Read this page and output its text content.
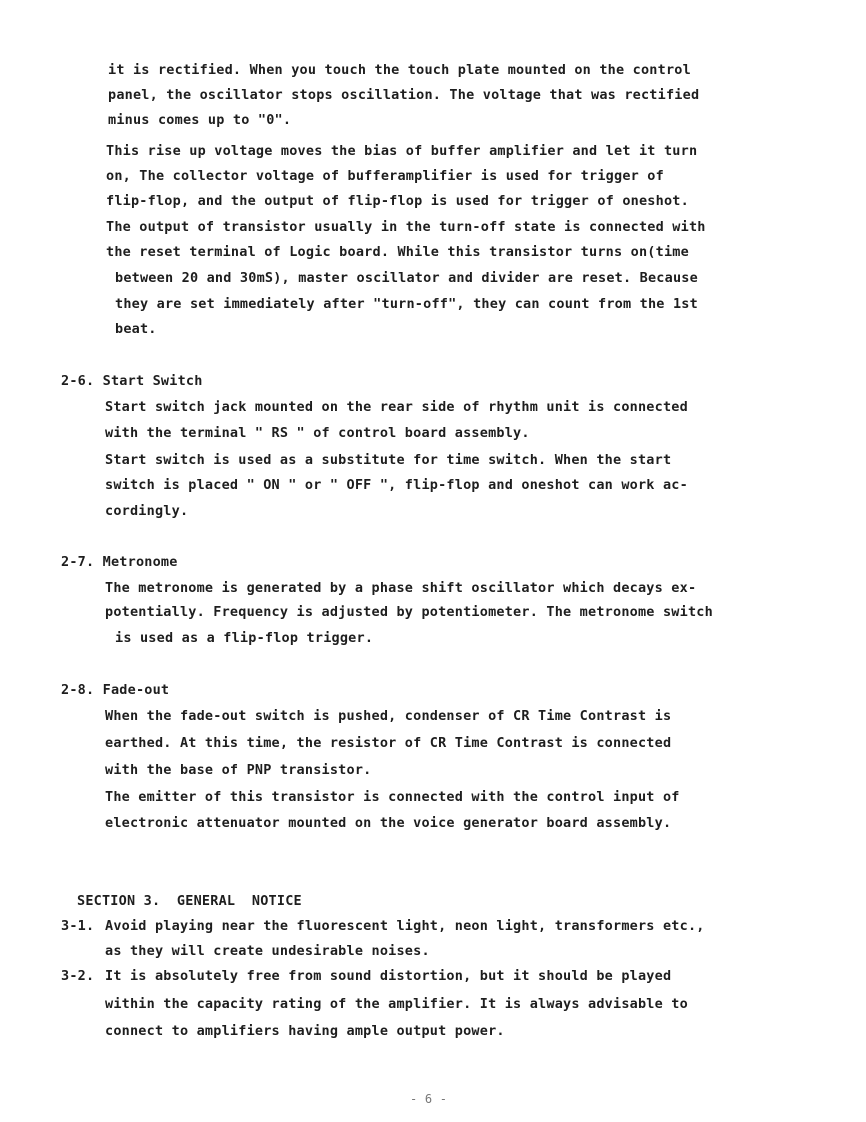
it is rectified. When you touch the touch plate mounted on the control
panel, the oscillator stops oscillation. The voltage that was rectified
minus comes up to "0".
This rise up voltage moves the bias of buffer amplifier and let it turn
on, The collector voltage of bufferamplifier is used for trigger of
flip-flop, and the output of flip-flop is used for trigger of oneshot.
The output of transistor usually in the turn-off state is connected with
the reset terminal of Logic board. While this transistor turns on(time
between 20 and 30mS), master oscillator and divider are reset. Because
they are set immediately after "turn-off", they can count from the 1st
beat.
2-6. Start Switch
Start switch jack mounted on the rear side of rhythm unit is connected
with the terminal " RS " of control board assembly.
Start switch is used as a substitute for time switch. When the start
switch is placed " ON " or " OFF ", flip-flop and oneshot can work ac-
cordingly.
2-7. Metronome
The metronome is generated by a phase shift oscillator which decays ex-
potentially. Frequency is adjusted by potentiometer. The metronome switch
is used as a flip-flop trigger.
2-8. Fade-out
When the fade-out switch is pushed, condenser of CR Time Contrast is
earthed. At this time, the resistor of CR Time Contrast is connected
with the base of PNP transistor.
The emitter of this transistor is connected with the control input of
electronic attenuator mounted on the voice generator board assembly.
SECTION 3.  GENERAL  NOTICE
3-1. Avoid playing near the fluorescent light, neon light, transformers etc.,
as they will create undesirable noises.
3-2. It is absolutely free from sound distortion, but it should be played
within the capacity rating of the amplifier. It is always advisable to
connect to amplifiers having ample output power.
- 6 -
